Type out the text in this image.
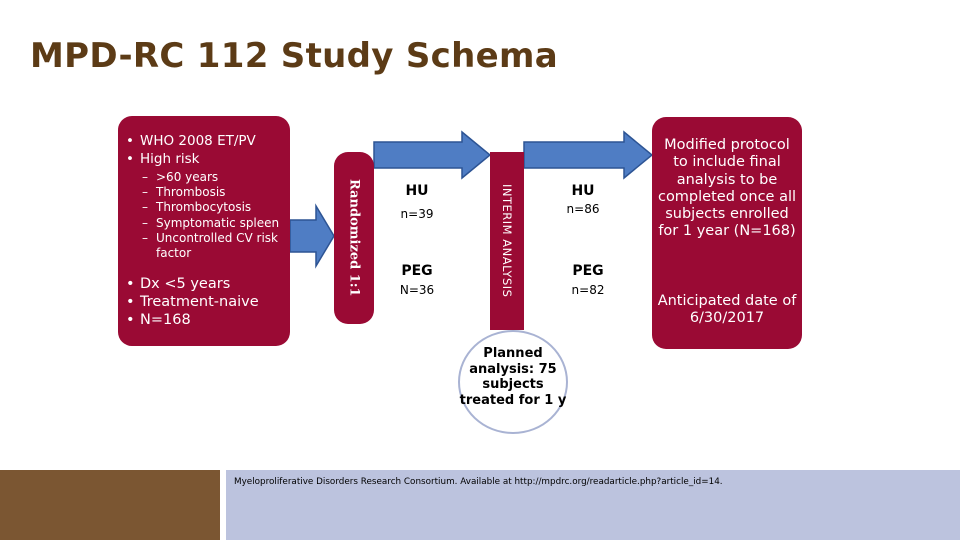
MPD-RC 112 Study Schema
• WHO 2008 ET/PV
• High risk
– >60 years
– Thrombosis
– Thrombocytosis
– Symptomatic spleen
– Uncontrolled CV risk factor
• Dx <5 years
• Treatment-naive
• N=168
Randomized 1:1	HU
n=39
PEG
N=36	INTERIM ANALYSIS	HU
n=86
PEG
n=82
Modified protocol to include final analysis to be completed once all subjects enrolled for 1 year (N=168)
Anticipated date of 6/30/2017
Planned analysis: 75 subjects treated for 1 y
Myeloproliferative Disorders Research Consortium. Available at http://mpdrc.org/readarticle.php?article_id=14.
